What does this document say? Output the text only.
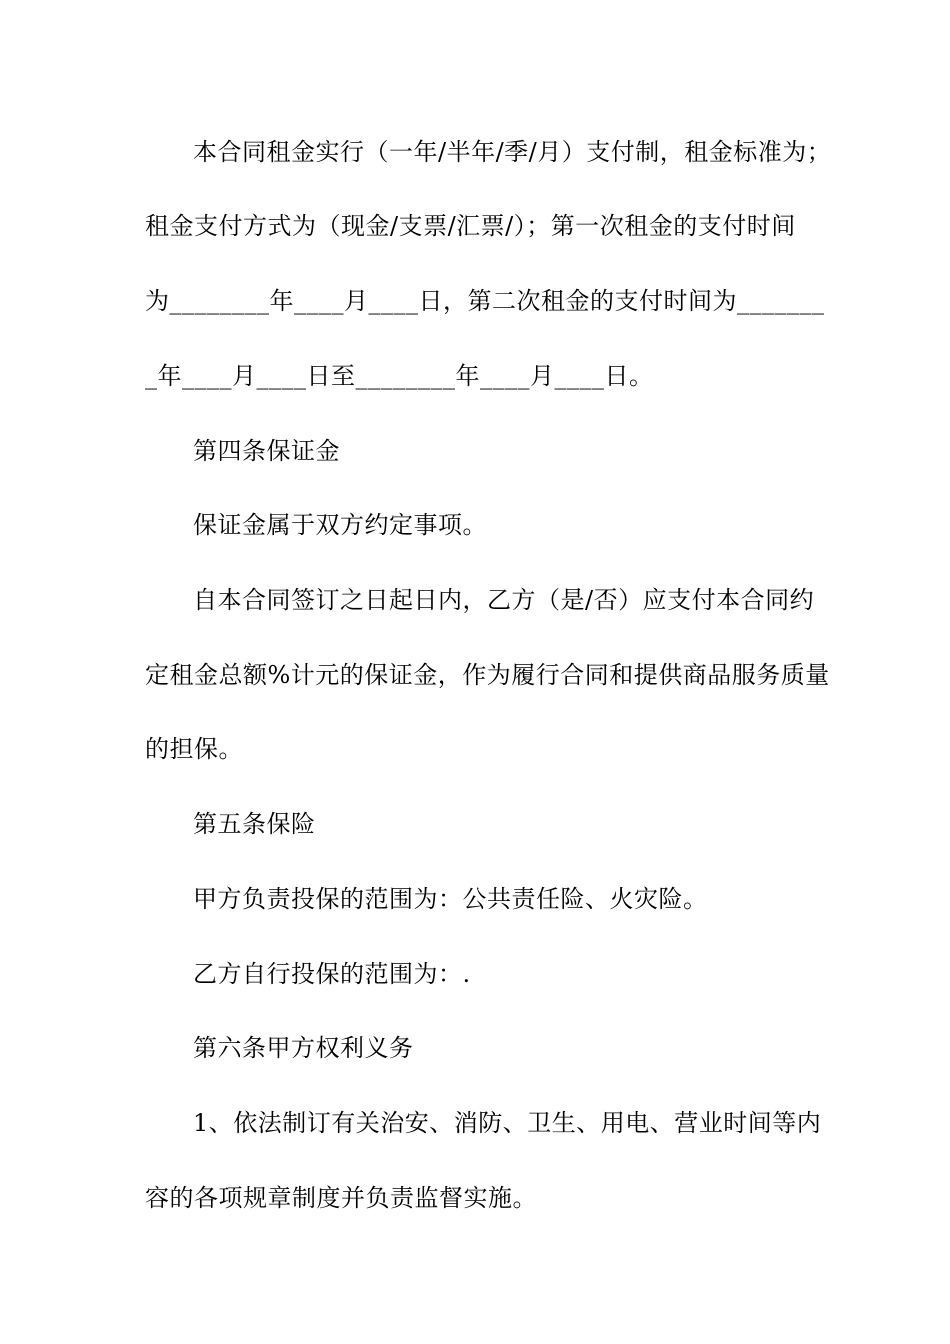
本合同租金实行（一年/半年/季/月）支付制，租金标准为；
租金支付方式为（现金/支票/汇票/）；第一次租金的支付时间
为________年____月____日，第二次租金的支付时间为_______
_年____月____日至________年____月____日。
第四条保证金
保证金属于双方约定事项。
自本合同签订之日起日内，乙方（是/否）应支付本合同约
定租金总额%计元的保证金，作为履行合同和提供商品服务质量
的担保。
第五条保险
甲方负责投保的范围为：公共责任险、火灾险。
乙方自行投保的范围为：.
第六条甲方权利义务
1、依法制订有关治安、消防、卫生、用电、营业时间等内
容的各项规章制度并负责监督实施。
